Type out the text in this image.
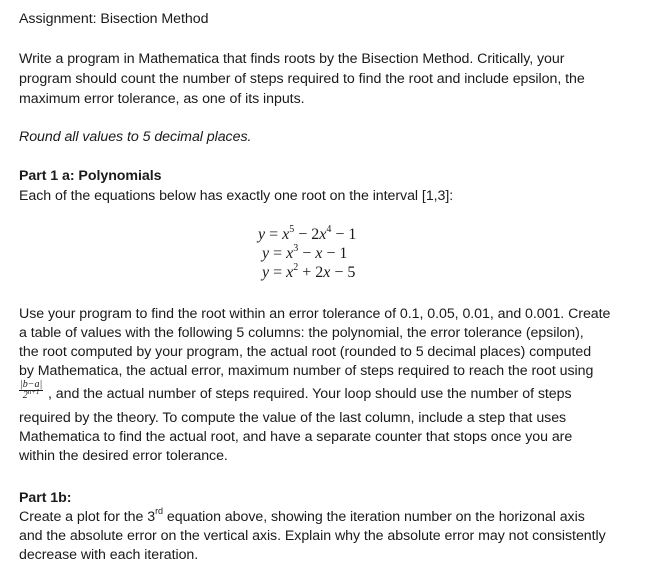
Assignment: Bisection Method
Write a program in Mathematica that finds roots by the Bisection Method. Critically, your
program should count the number of steps required to find the root and include epsilon, the
maximum error tolerance, as one of its inputs.
Round all values to 5 decimal places.
Part 1 a: Polynomials
Each of the equations below has exactly one root on the interval [1,3]:
$y = x^5 - 2x^4 - 1$
$y = x^3 - x - 1$
$y = x^2 + 2x - 5$
Use your program to find the root within an error tolerance of 0.1, 0.05, 0.01, and 0.001. Create
a table of values with the following 5 columns: the polynomial, the error tolerance (epsilon),
the root computed by your program, the actual root (rounded to 5 decimal places) computed
by Mathematica, the actual error, maximum number of steps required to reach the root using
$\frac{|b-a|}{2^{n+1}}$ , and the actual number of steps required. Your loop should use the number of steps
required by the theory. To compute the value of the last column, include a step that uses
Mathematica to find the actual root, and have a separate counter that stops once you are
within the desired error tolerance.
Part 1b:
Create a plot for the 3rd equation above, showing the iteration number on the horizonal axis
and the absolute error on the vertical axis. Explain why the absolute error may not consistently
decrease with each iteration.
